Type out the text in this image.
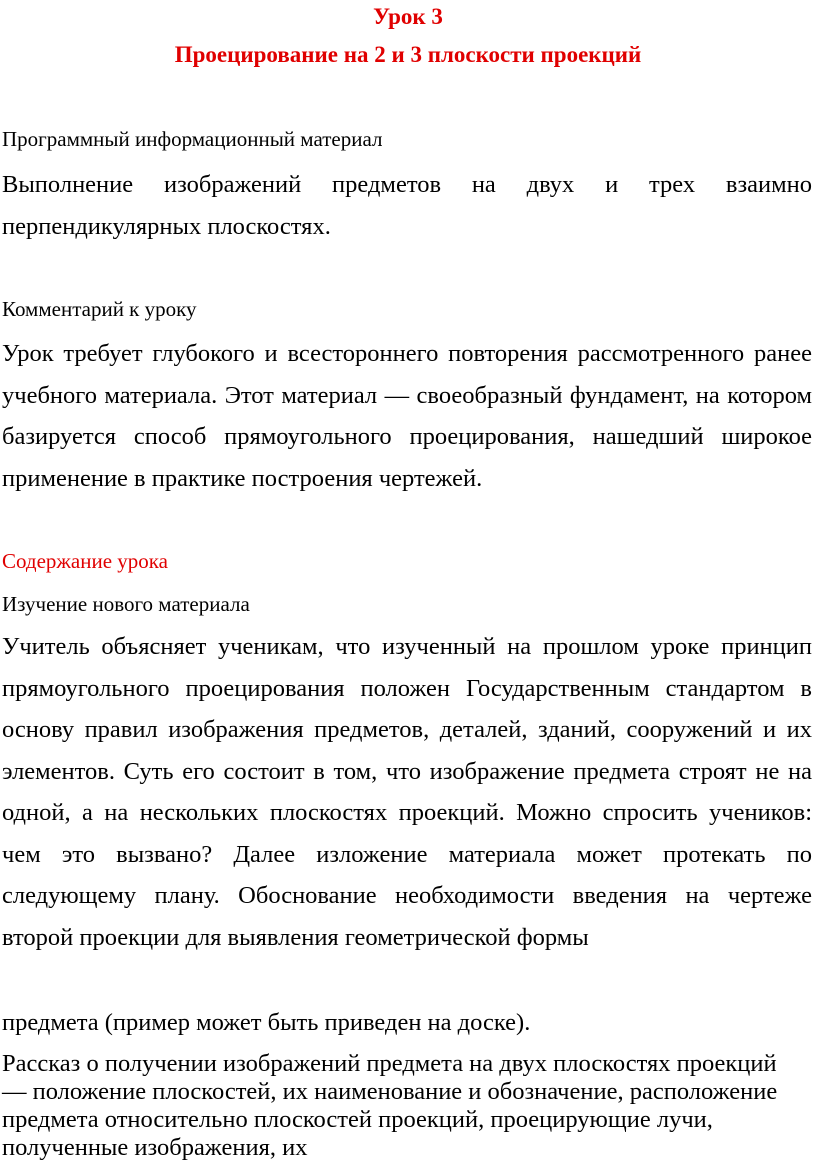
Урок 3
Проецирование на 2 и 3 плоскости проекций

Программный информационный материал

Выполнение изображений предметов на двух и трех взаимно перпендикулярных плоскостях.

Комментарий к уроку

Урок требует глубокого и всестороннего повторения рассмотренного ранее учебного материала. Этот материал — своеобразный фундамент, на котором базируется способ прямоугольного проецирования, нашедший широкое применение в практике построения чертежей.

Содержание урока

Изучение нового материала

Учитель объясняет ученикам, что изученный на прошлом уроке принцип прямоугольного проецирования положен Государственным стандартом в основу правил изображения предметов, деталей, зданий, сооружений и их элементов. Суть его состоит в том, что изображение предмета строят не на одной, а на нескольких плоскостях проекций. Можно спросить учеников: чем это вызвано? Далее изложение материала может протекать по следующему плану. Обоснование необходимости введения на чертеже второй проекции для выявления геометрической формы

предмета (пример может быть приведен на доске).

Рассказ о получении изображений предмета на двух плоскостях проекций — положение плоскостей, их наименование и обозначение, расположение предмета относительно плоскостей проекций, проецирующие лучи, полученные изображения, их
